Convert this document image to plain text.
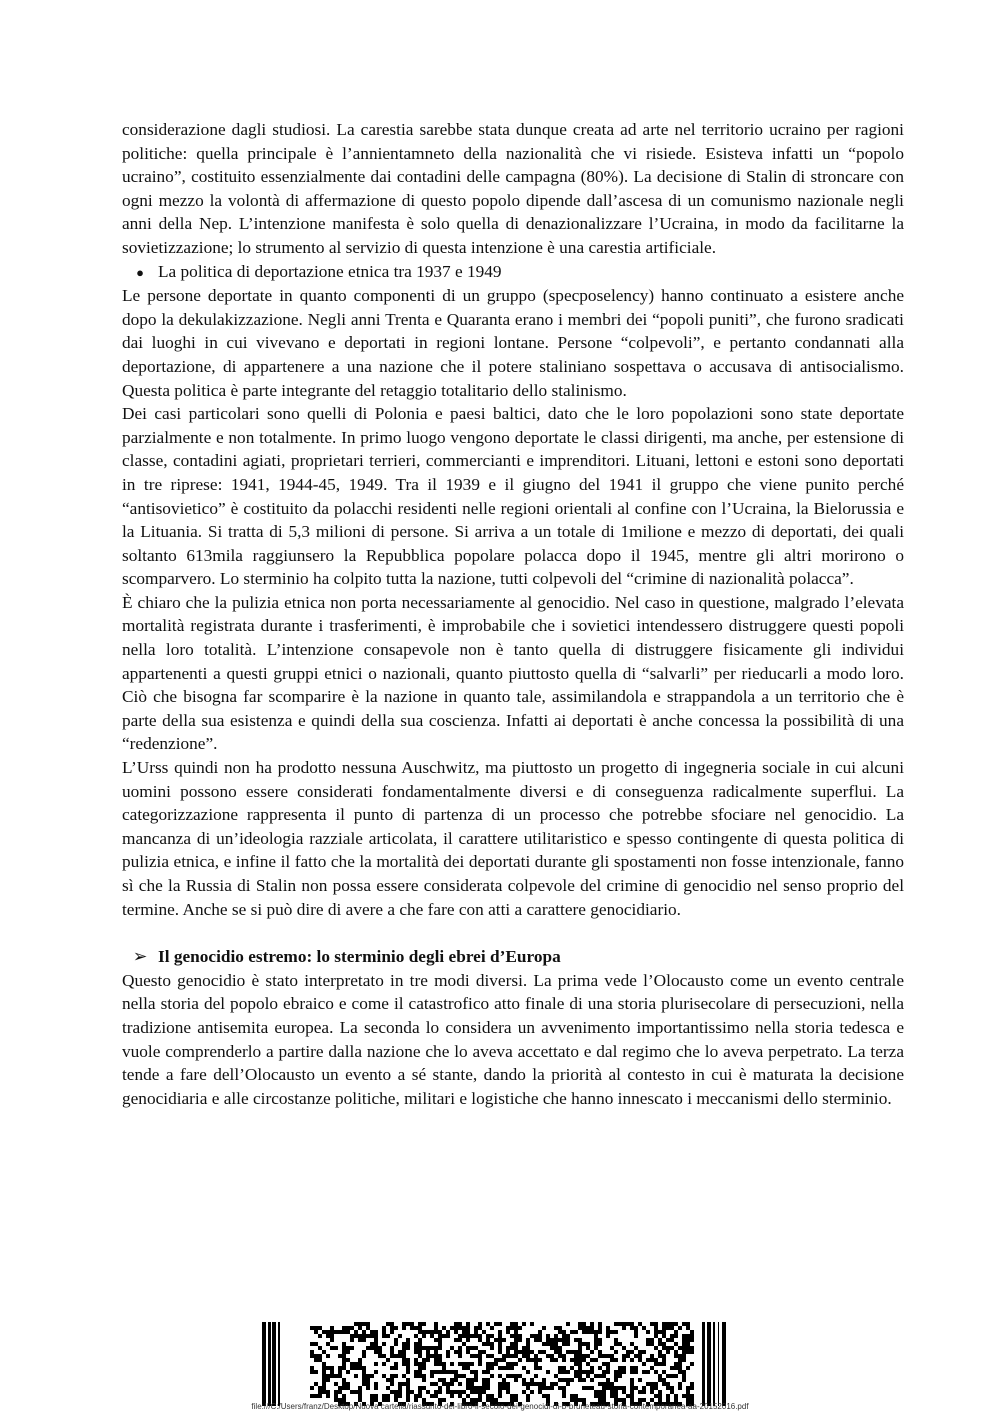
considerazione dagli studiosi. La carestia sarebbe stata dunque creata ad arte nel territorio ucraino per ragioni politiche: quella principale è l’annientamneto della nazionalità che vi risiede. Esisteva infatti un “popolo ucraino”, costituito essenzialmente dai contadini delle campagna (80%). La decisione di Stalin di stroncare con ogni mezzo la volontà di affermazione di questo popolo dipende dall’ascesa di un comunismo nazionale negli anni della Nep. L’intenzione manifesta è solo quella di denazionalizzare l’Ucraina, in modo da facilitarne la sovietizzazione; lo strumento al servizio di questa intenzione è una carestia artificiale.

● La politica di deportazione etnica tra 1937 e 1949

Le persone deportate in quanto componenti di un gruppo (specposelency) hanno continuato a esistere anche dopo la dekulakizzazione. Negli anni Trenta e Quaranta erano i membri dei “popoli puniti”, che furono sradicati dai luoghi in cui vivevano e deportati in regioni lontane. Persone “colpevoli”, e pertanto condannati alla deportazione, di appartenere a una nazione che il potere staliniano sospettava o accusava di antisocialismo. Questa politica è parte integrante del retaggio totalitario dello stalinismo.

Dei casi particolari sono quelli di Polonia e paesi baltici, dato che le loro popolazioni sono state deportate parzialmente e non totalmente. In primo luogo vengono deportate le classi dirigenti, ma anche, per estensione di classe, contadini agiati, proprietari terrieri, commercianti e imprenditori. Lituani, lettoni e estoni sono deportati in tre riprese: 1941, 1944-45, 1949. Tra il 1939 e il giugno del 1941 il gruppo che viene punito perché “antisovietico” è costituito da polacchi residenti nelle regioni orientali al confine con l’Ucraina, la Bielorussia e la Lituania. Si tratta di 5,3 milioni di persone. Si arriva a un totale di 1milione e mezzo di deportati, dei quali soltanto 613mila raggiunsero la Repubblica popolare polacca dopo il 1945, mentre gli altri morirono o scomparvero. Lo sterminio ha colpito tutta la nazione, tutti colpevoli del “crimine di nazionalità polacca”.

È chiaro che la pulizia etnica non porta necessariamente al genocidio. Nel caso in questione, malgrado l’elevata mortalità registrata durante i trasferimenti, è improbabile che i sovietici intendessero distruggere questi popoli nella loro totalità. L’intenzione consapevole non è tanto quella di distruggere fisicamente gli individui appartenenti a questi gruppi etnici o nazionali, quanto piuttosto quella di “salvarli” per rieducarli a modo loro. Ciò che bisogna far scomparire è la nazione in quanto tale, assimilandola e strappandola a un territorio che è parte della sua esistenza e quindi della sua coscienza. Infatti ai deportati è anche concessa la possibilità di una “redenzione”.

L’Urss quindi non ha prodotto nessuna Auschwitz, ma piuttosto un progetto di ingegneria sociale in cui alcuni uomini possono essere considerati fondamentalmente diversi e di conseguenza radicalmente superflui. La categorizzazione rappresenta il punto di partenza di un processo che potrebbe sfociare nel genocidio. La mancanza di un’ideologia razziale articolata, il carattere utilitaristico e spesso contingente di questa politica di pulizia etnica, e infine il fatto che la mortalità dei deportati durante gli spostamenti non fosse intenzionale, fanno sì che la Russia di Stalin non possa essere considerata colpevole del crimine di genocidio nel senso proprio del termine. Anche se si può dire di avere a che fare con atti a carattere genocidiario.

➢ Il genocidio estremo: lo sterminio degli ebrei d’Europa

Questo genocidio è stato interpretato in tre modi diversi. La prima vede l’Olocausto come un evento centrale nella storia del popolo ebraico e come il catastrofico atto finale di una storia plurisecolare di persecuzioni, nella tradizione antisemita europea. La seconda lo considera un avvenimento importantissimo nella storia tedesca e vuole comprenderlo a partire dalla nazione che lo aveva accettato e dal regimo che lo aveva perpetrato. La terza tende a fare dell’Olocausto un evento a sé stante, dando la priorità al contesto in cui è maturata la decisione genocidiaria e alle circostanze politiche, militari e logistiche che hanno innescato i meccanismi dello sterminio.

file:///C:/Users/franz/Desktop/Nuova cartella/riassunto-del-libro-il-secolo-dei-genocidi-di-b-bruneteau-storia-contemporanea-aa-20152016.pdf
